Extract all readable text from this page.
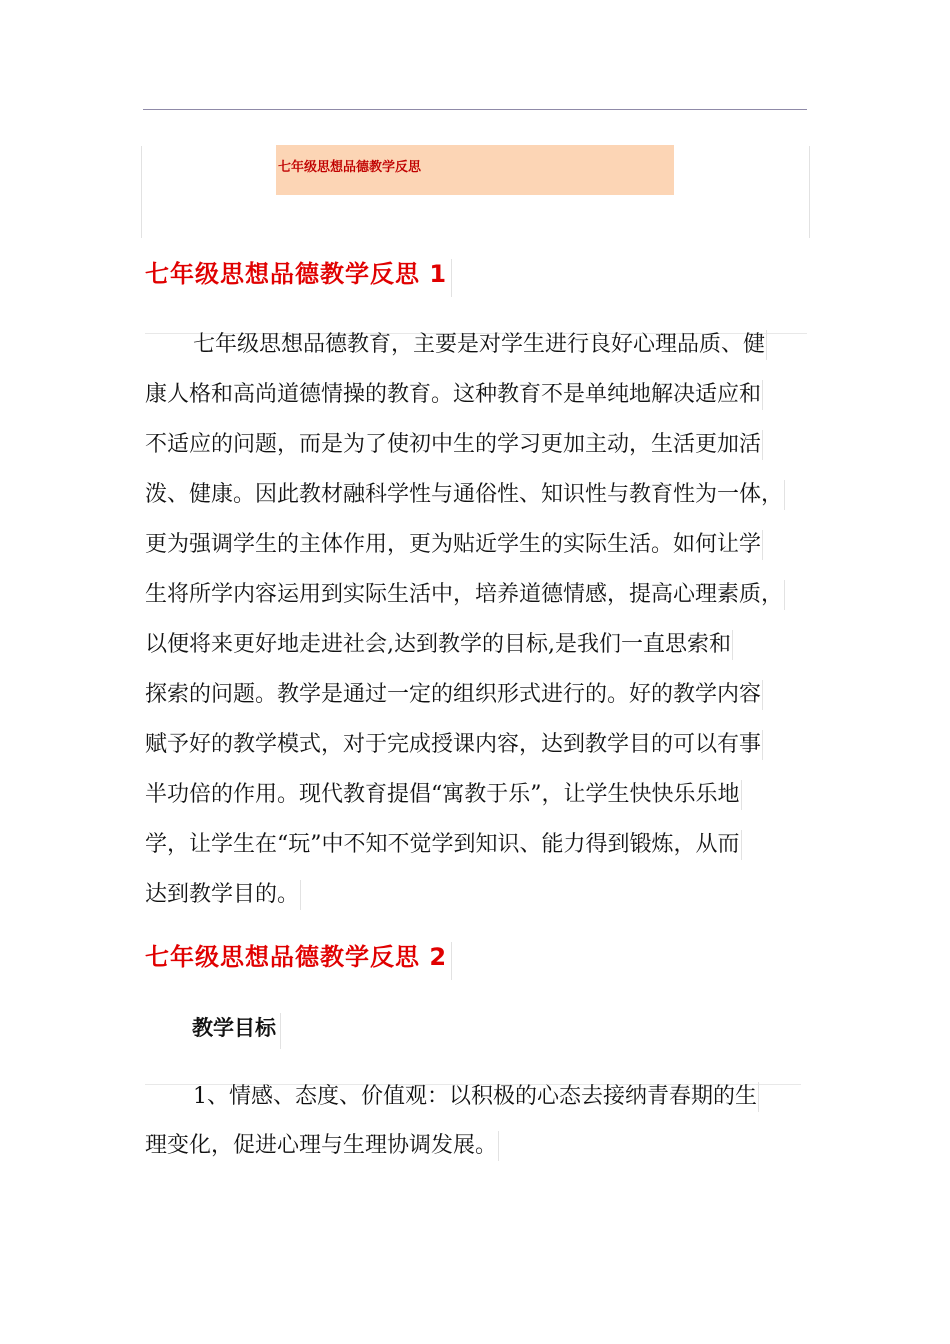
七年级思想品德教学反思
七年级思想品德教学反思 1
七年级思想品德教育，主要是对学生进行良好心理品质、健
康人格和高尚道德情操的教育。这种教育不是单纯地解决适应和
不适应的问题，而是为了使初中生的学习更加主动，生活更加活
泼、健康。因此教材融科学性与通俗性、知识性与教育性为一体，
更为强调学生的主体作用，更为贴近学生的实际生活。如何让学
生将所学内容运用到实际生活中，培养道德情感，提高心理素质，
以便将来更好地走进社会,达到教学的目标,是我们一直思索和
探索的问题。教学是通过一定的组织形式进行的。好的教学内容
赋予好的教学模式，对于完成授课内容，达到教学目的可以有事
半功倍的作用。现代教育提倡“寓教于乐”，让学生快快乐乐地
学，让学生在“玩”中不知不觉学到知识、能力得到锻炼，从而
达到教学目的。
七年级思想品德教学反思 2
教学目标
1、情感、态度、价值观：以积极的心态去接纳青春期的生
理变化，促进心理与生理协调发展。
